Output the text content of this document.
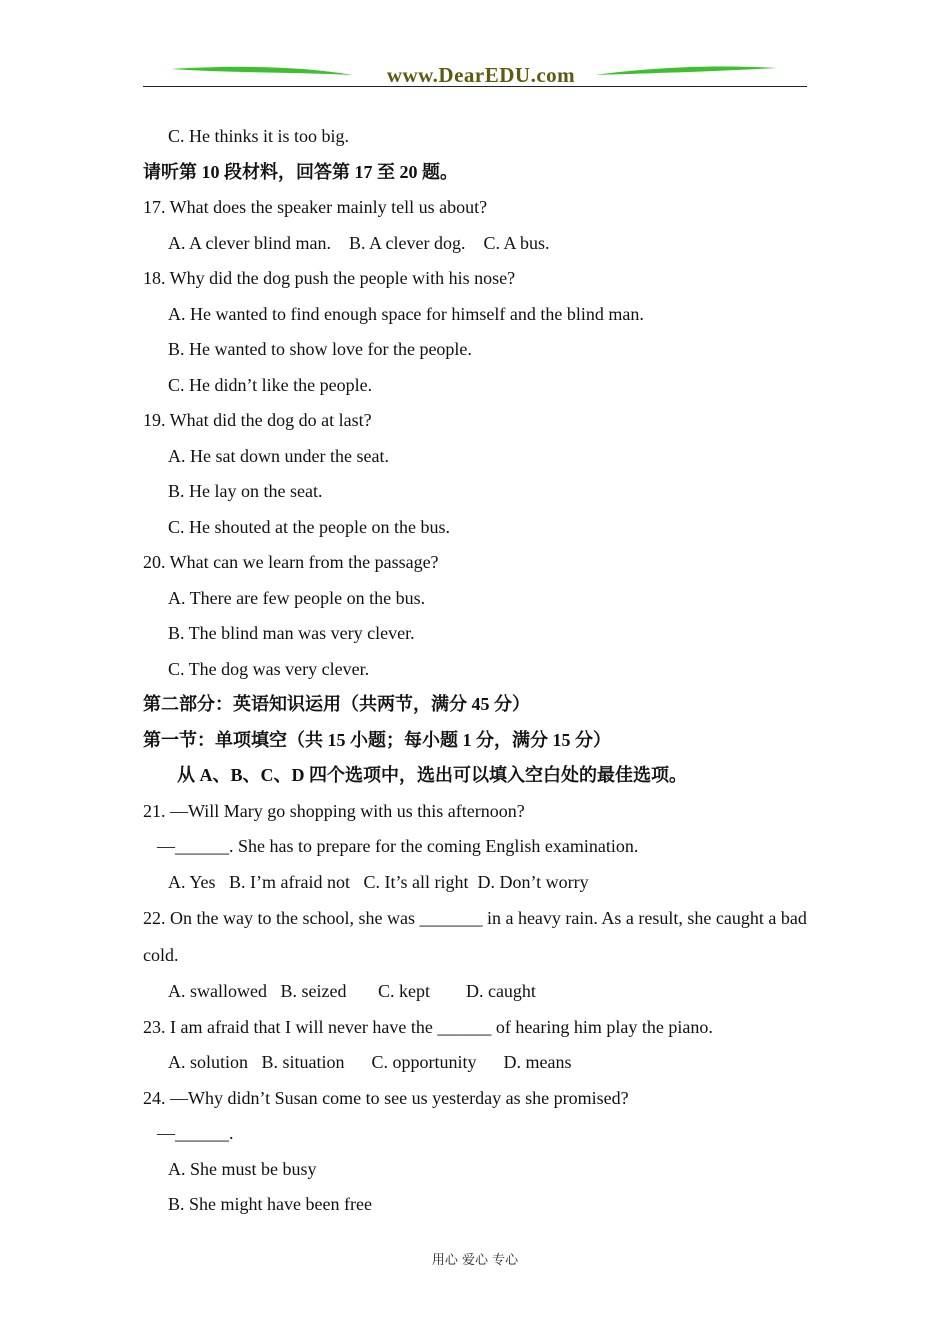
www.DearEDU.com
C. He thinks it is too big.
请听第 10 段材料，回答第 17 至 20 题。
17. What does the speaker mainly tell us about?
A. A clever blind man.    B. A clever dog.    C. A bus.
18. Why did the dog push the people with his nose?
A. He wanted to find enough space for himself and the blind man.
B. He wanted to show love for the people.
C. He didn’t like the people.
19. What did the dog do at last?
A. He sat down under the seat.
B. He lay on the seat.
C. He shouted at the people on the bus.
20. What can we learn from the passage?
A. There are few people on the bus.
B. The blind man was very clever.
C. The dog was very clever.
第二部分：英语知识运用（共两节，满分 45 分）
第一节：单项填空（共 15 小题；每小题 1 分，满分 15 分）
从 A、B、C、D 四个选项中，选出可以填入空白处的最佳选项。
21. —Will Mary go shopping with us this afternoon?
—______. She has to prepare for the coming English examination.
A. Yes   B. I’m afraid not   C. It’s all right  D. Don’t worry
22. On the way to the school, she was _______ in a heavy rain. As a result, she caught a bad cold.
A. swallowed   B. seized       C. kept        D. caught
23. I am afraid that I will never have the ______ of hearing him play the piano.
A. solution   B. situation      C. opportunity      D. means
24. —Why didn’t Susan come to see us yesterday as she promised?
—______.
A. She must be busy
B. She might have been free
用心 爱心 专心
